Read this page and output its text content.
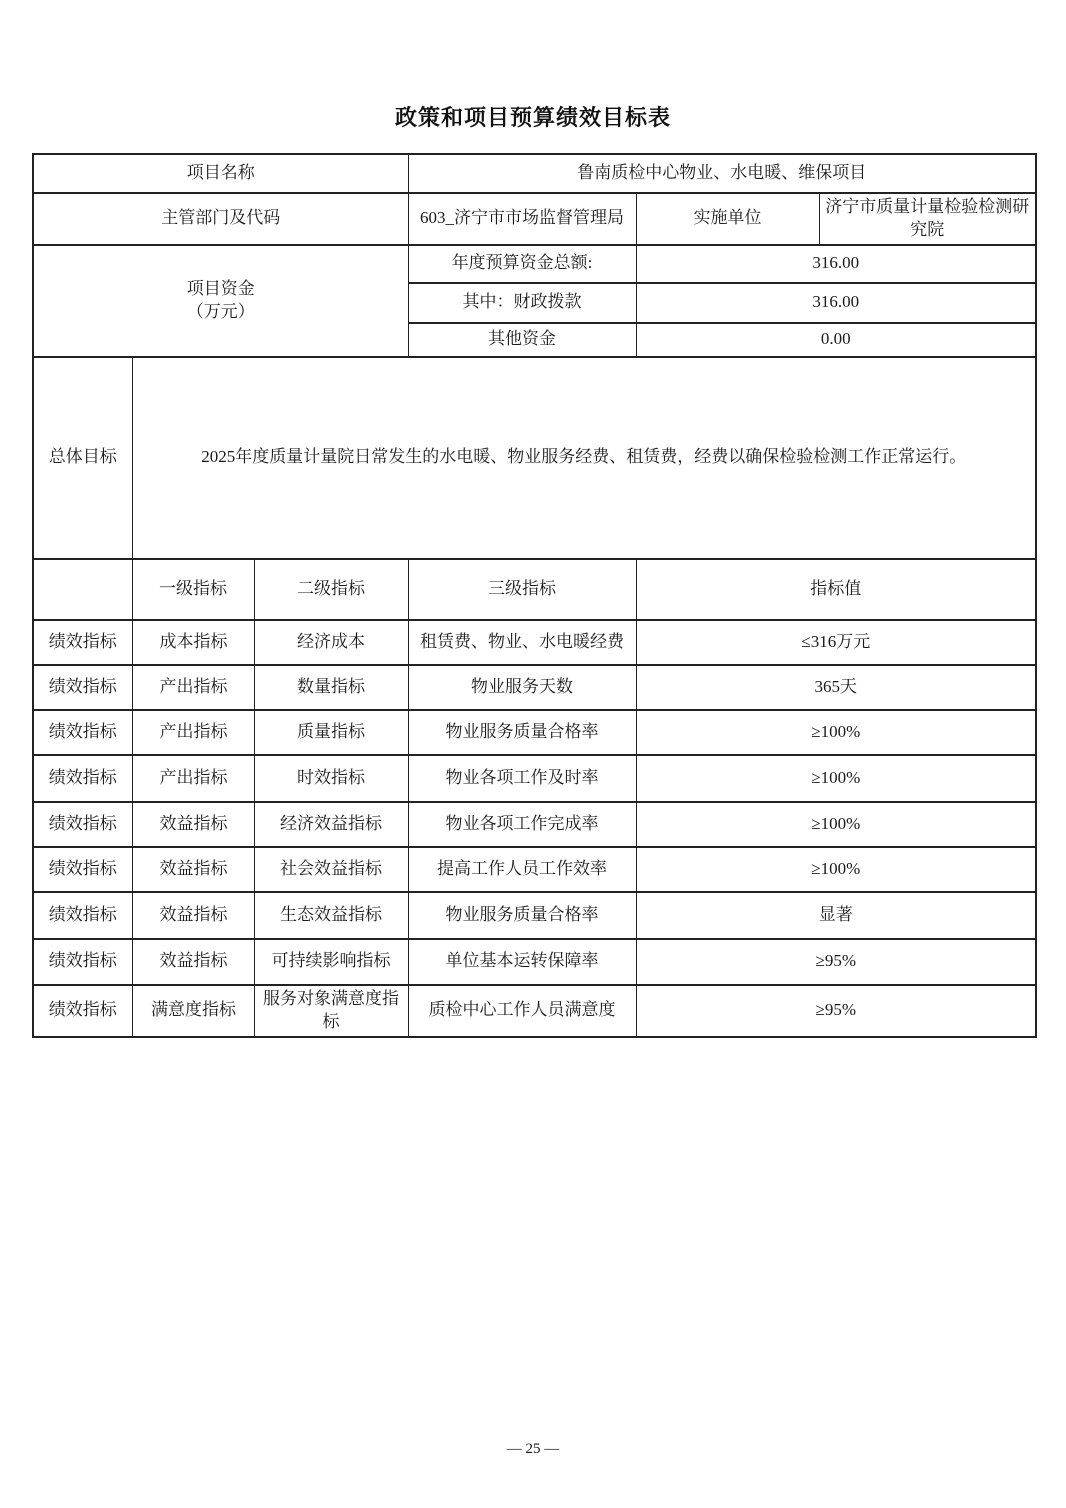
政策和项目预算绩效目标表
项目名称			鲁南质检中心物业、水电暖、维保项目		
主管部门及代码			603_济宁市市场监督管理局	实施单位	济宁市质量计量检验检测研究院

项目资金
（万元）			年度预算资金总额:	316.00	
			其中：财政拨款	316.00	
			其他资金	0.00	
总体目标	2025年度质量计量院日常发生的水电暖、物业服务经费、租赁费，经费以确保检验检测工作正常运行。				
	一级指标	二级指标	三级指标	指标值	
绩效指标	成本指标	经济成本	租赁费、物业、水电暖经费	≤316万元	
绩效指标	产出指标	数量指标	物业服务天数	365天	
绩效指标	产出指标	质量指标	物业服务质量合格率	≥100%	
绩效指标	产出指标	时效指标	物业各项工作及时率	≥100%	
绩效指标	效益指标	经济效益指标	物业各项工作完成率	≥100%	
绩效指标	效益指标	社会效益指标	提高工作人员工作效率	≥100%	
绩效指标	效益指标	生态效益指标	物业服务质量合格率	显著	
绩效指标	效益指标	可持续影响指标	单位基本运转保障率	≥95%	
绩效指标	满意度指标	服务对象满意度指标	质检中心工作人员满意度	≥95%	
— 25 —
